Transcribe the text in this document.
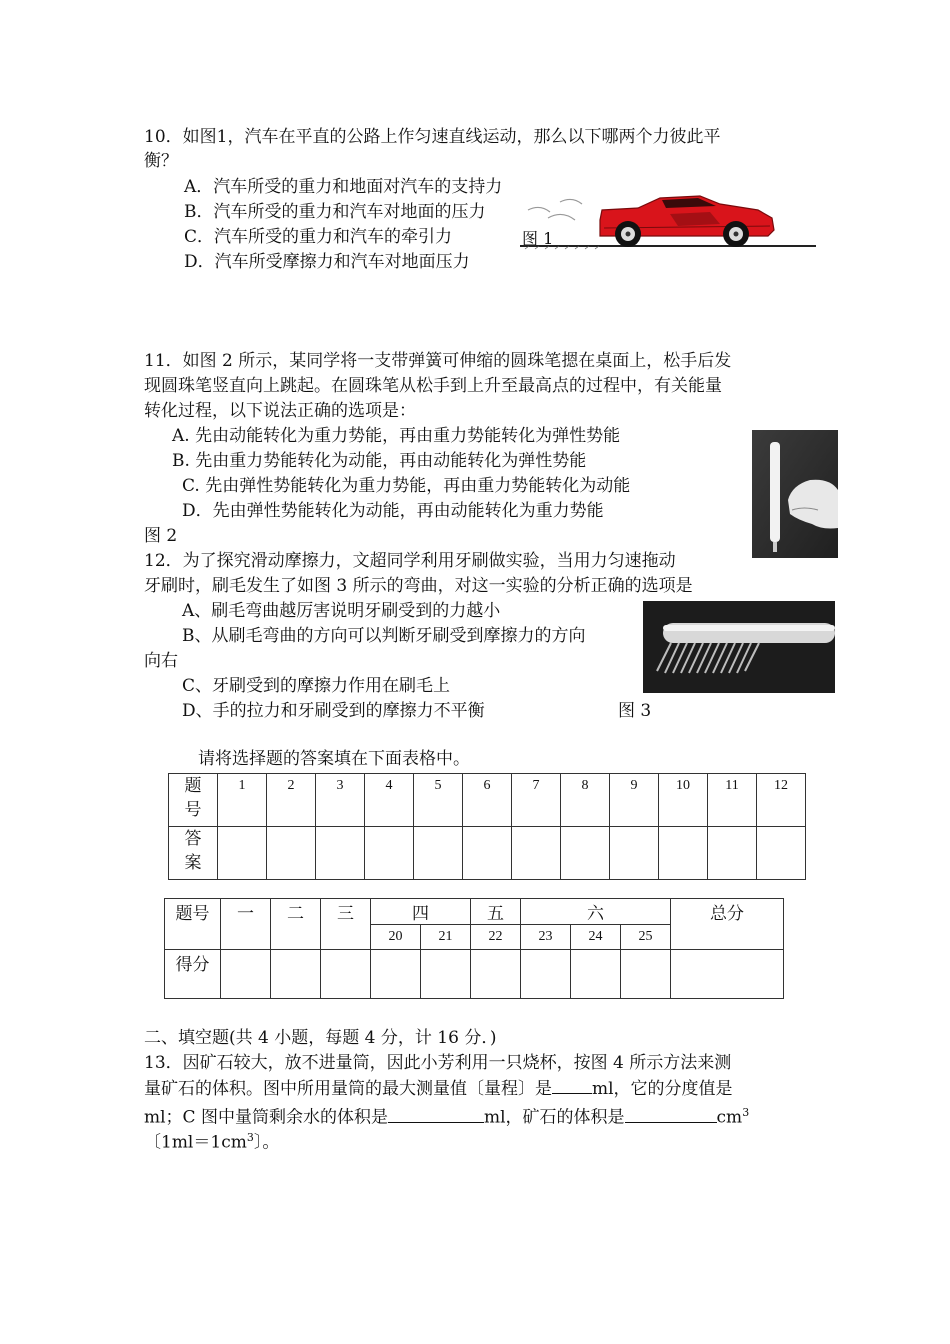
10．如图1，汽车在平直的公路上作匀速直线运动，那么以下哪两个力彼此平
衡？
A．汽车所受的重力和地面对汽车的支持力
B．汽车所受的重力和汽车对地面的压力
C．汽车所受的重力和汽车的牵引力
D．汽车所受摩擦力和汽车对地面压力
图 1
11．如图 2 所示，某同学将一支带弹簧可伸缩的圆珠笔摁在桌面上，松手后发
现圆珠笔竖直向上跳起。在圆珠笔从松手到上升至最高点的过程中，有关能量
转化过程，以下说法正确的选项是：
A. 先由动能转化为重力势能，再由重力势能转化为弹性势能
B. 先由重力势能转化为动能，再由动能转化为弹性势能
C. 先由弹性势能转化为重力势能，再由重力势能转化为动能
D．先由弹性势能转化为动能，再由动能转化为重力势能
图 2
12．为了探究滑动摩擦力，文超同学利用牙刷做实验，当用力匀速拖动
牙刷时，刷毛发生了如图 3 所示的弯曲，对这一实验的分析正确的选项是
A、刷毛弯曲越厉害说明牙刷受到的力越小
B、从刷毛弯曲的方向可以判断牙刷受到摩擦力的方向
向右
C、牙刷受到的摩擦力作用在刷毛上
D、手的拉力和牙刷受到的摩擦力不平衡	图 3
请将选择题的答案填在下面表格中。
题
号	1	2	3	4	5	6	7	8	9	10	11	12
答
案												
题号	一	二	三	四		五	六			总分
				20	21	22	23	24	25	
得分										
二、填空题(共 4 小题，每题 4 分，计 16 分．)
13．因矿石较大，放不进量筒，因此小芳利用一只烧杯，按图 4 所示方法来测
量矿石的体积。图中所用量筒的最大测量值〔量程〕是 ml，它的分度值是
ml；C 图中量筒剩余水的体积是	ml，矿石的体积是	$cm^3$
〔$1ml=1cm^3$〕。
